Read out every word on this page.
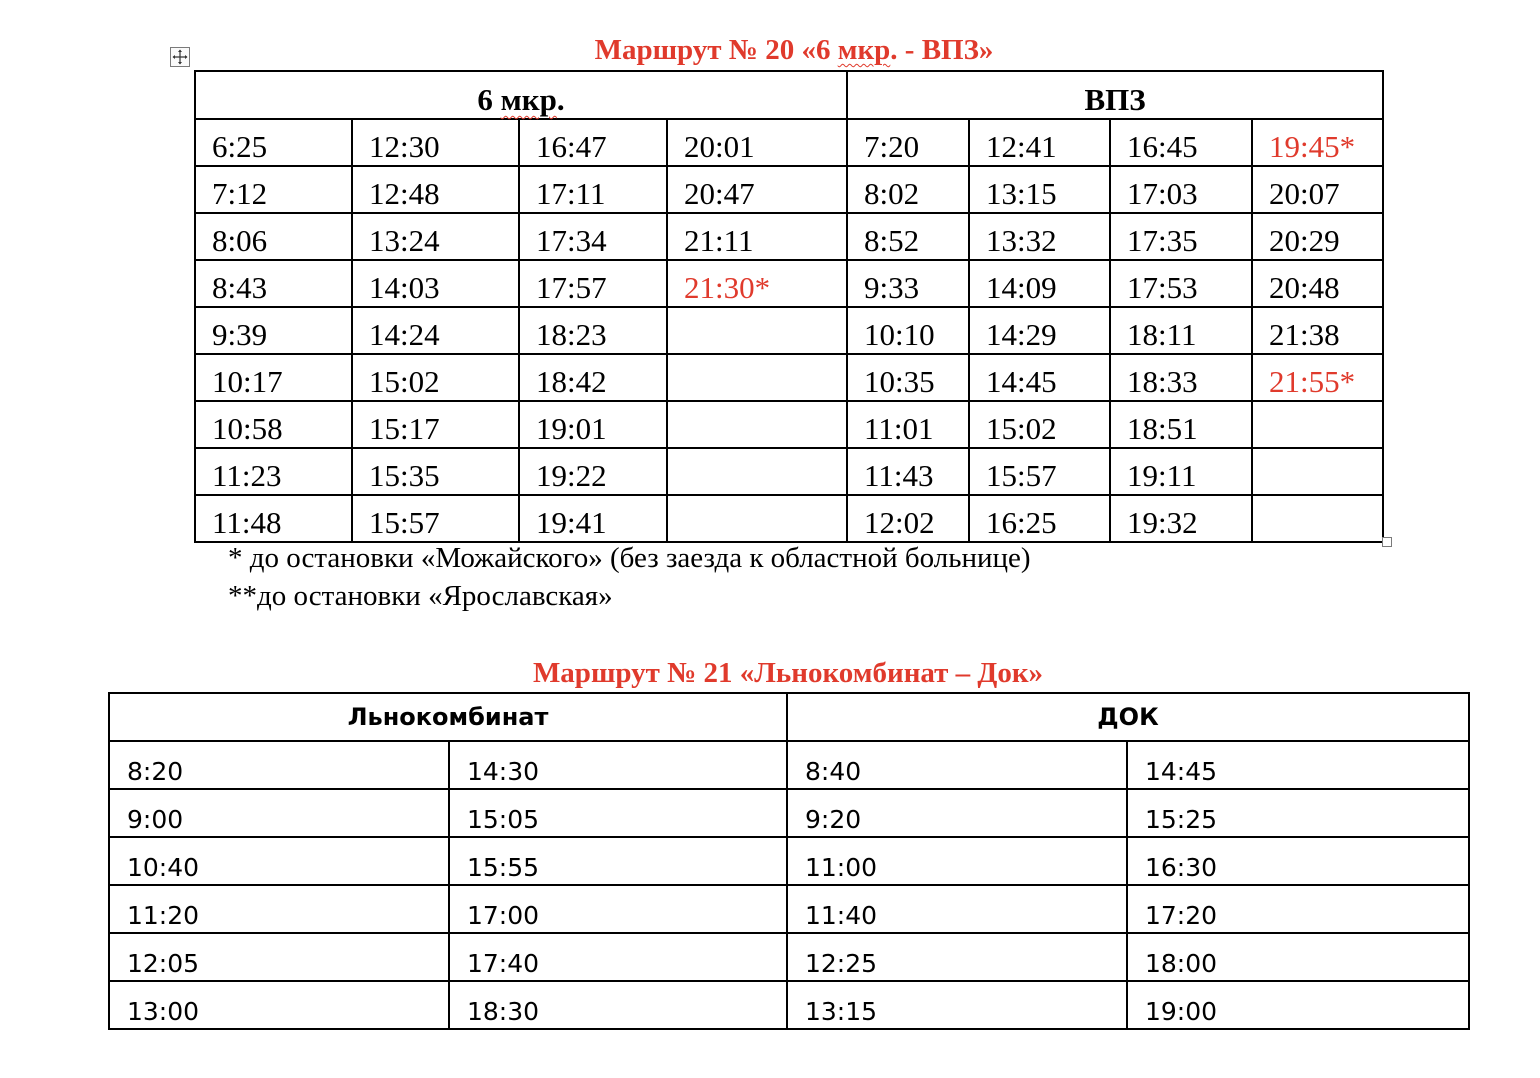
Маршрут № 20 «6 мкр. - ВПЗ»
6 мкр.				ВПЗ			
6:25	12:30	16:47	20:01	7:20	12:41	16:45	19:45*
7:12	12:48	17:11	20:47	8:02	13:15	17:03	20:07
8:06	13:24	17:34	21:11	8:52	13:32	17:35	20:29
8:43	14:03	17:57	21:30*	9:33	14:09	17:53	20:48
9:39	14:24	18:23		10:10	14:29	18:11	21:38
10:17	15:02	18:42		10:35	14:45	18:33	21:55*
10:58	15:17	19:01		11:01	15:02	18:51	
11:23	15:35	19:22		11:43	15:57	19:11	
11:48	15:57	19:41		12:02	16:25	19:32	
* до остановки «Можайского» (без заезда к областной больнице)
**до остановки «Ярославская»
Маршрут № 21 «Льнокомбинат – Док»
Льнокомбинат		ДОК	
8:20	14:30	8:40	14:45
9:00	15:05	9:20	15:25
10:40	15:55	11:00	16:30
11:20	17:00	11:40	17:20
12:05	17:40	12:25	18:00
13:00	18:30	13:15	19:00
